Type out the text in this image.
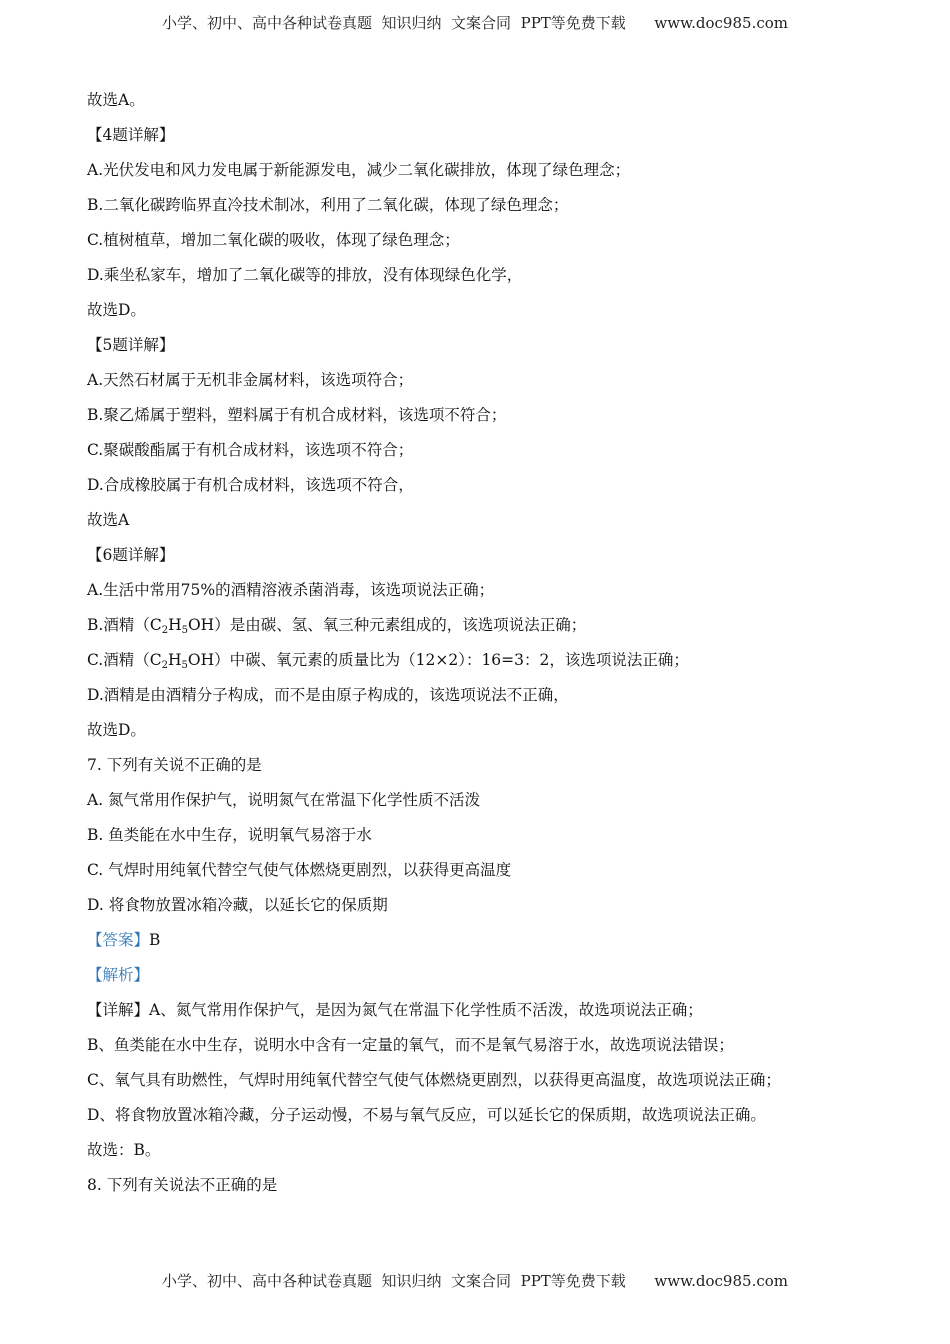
小学、初中、高中各种试卷真题  知识归纳  文案合同  PPT等免费下载      www.doc985.com
故选A。
【4题详解】
A.光伏发电和风力发电属于新能源发电，减少二氧化碳排放，体现了绿色理念；
B.二氧化碳跨临界直冷技术制冰，利用了二氧化碳，体现了绿色理念；
C.植树植草，增加二氧化碳的吸收，体现了绿色理念；
D.乘坐私家车，增加了二氧化碳等的排放，没有体现绿色化学，
故选D。
【5题详解】
A.天然石材属于无机非金属材料，该选项符合；
B.聚乙烯属于塑料，塑料属于有机合成材料，该选项不符合；
C.聚碳酸酯属于有机合成材料，该选项不符合；
D.合成橡胶属于有机合成材料，该选项不符合，
故选A
【6题详解】
A.生活中常用75%的酒精溶液杀菌消毒，该选项说法正确；
B.酒精$(C_2H_5OH)$是由碳、氢、氧三种元素组成的，该选项说法正确；
C.酒精$(C_2H_5OH)$中碳、氧元素的质量比为（12×2）：16=3：2，该选项说法正确；
D.酒精是由酒精分子构成，而不是由原子构成的，该选项说法不正确，
故选D。
7. 下列有关说不正确的是
A. 氮气常用作保护气，说明氮气在常温下化学性质不活泼
B. 鱼类能在水中生存，说明氧气易溶于水
C. 气焊时用纯氧代替空气使气体燃烧更剧烈，以获得更高温度
D. 将食物放置冰箱冷藏，以延长它的保质期
【答案】B
【解析】
【详解】A、氮气常用作保护气，是因为氮气在常温下化学性质不活泼，故选项说法正确；
B、鱼类能在水中生存，说明水中含有一定量的氧气，而不是氧气易溶于水，故选项说法错误；
C、氧气具有助燃性，气焊时用纯氧代替空气使气体燃烧更剧烈，以获得更高温度，故选项说法正确；
D、将食物放置冰箱冷藏，分子运动慢，不易与氧气反应，可以延长它的保质期，故选项说法正确。
故选：B。
8. 下列有关说法不正确的是
小学、初中、高中各种试卷真题  知识归纳  文案合同  PPT等免费下载      www.doc985.com
